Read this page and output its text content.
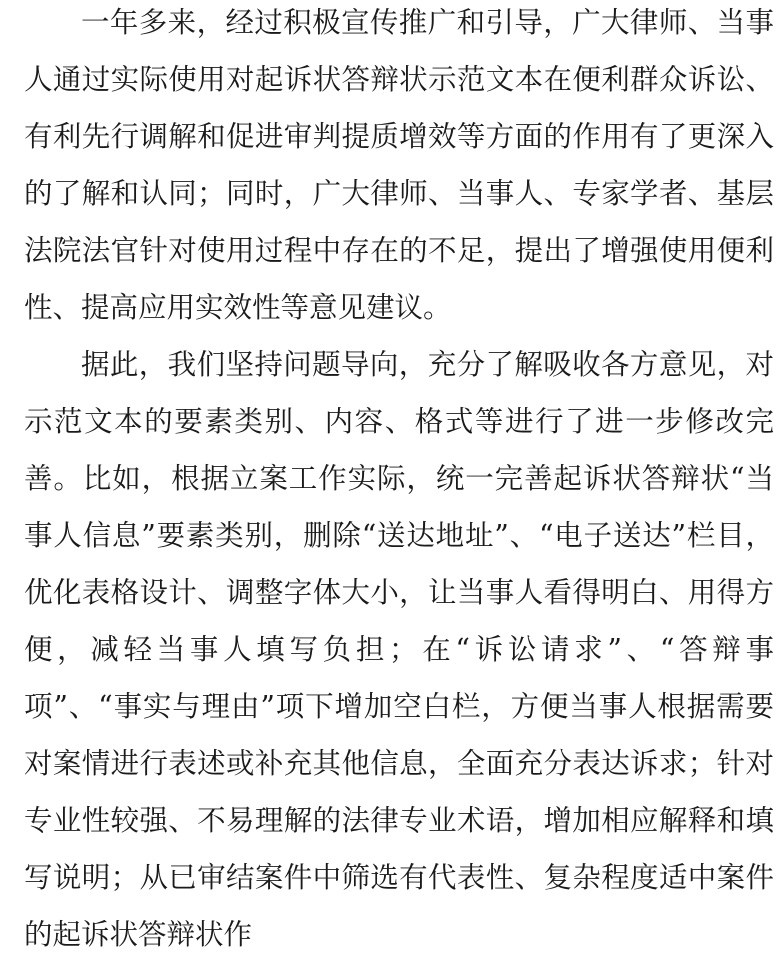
一年多来，经过积极宣传推广和引导，广大律师、当事人通过实际使用对起诉状答辩状示范文本在便利群众诉讼、有利先行调解和促进审判提质增效等方面的作用有了更深入的了解和认同；同时，广大律师、当事人、专家学者、基层法院法官针对使用过程中存在的不足，提出了增强使用便利性、提高应用实效性等意见建议。

据此，我们坚持问题导向，充分了解吸收各方意见，对示范文本的要素类别、内容、格式等进行了进一步修改完善。比如，根据立案工作实际，统一完善起诉状答辩状“当事人信息”要素类别，删除“送达地址”、“电子送达”栏目，优化表格设计、调整字体大小，让当事人看得明白、用得方便，减轻当事人填写负担；在“诉讼请求”、“答辩事项”、“事实与理由”项下增加空白栏，方便当事人根据需要对案情进行表述或补充其他信息，全面充分表达诉求；针对专业性较强、不易理解的法律专业术语，增加相应解释和填写说明；从已审结案件中筛选有代表性、复杂程度适中案件的起诉状答辩状作
